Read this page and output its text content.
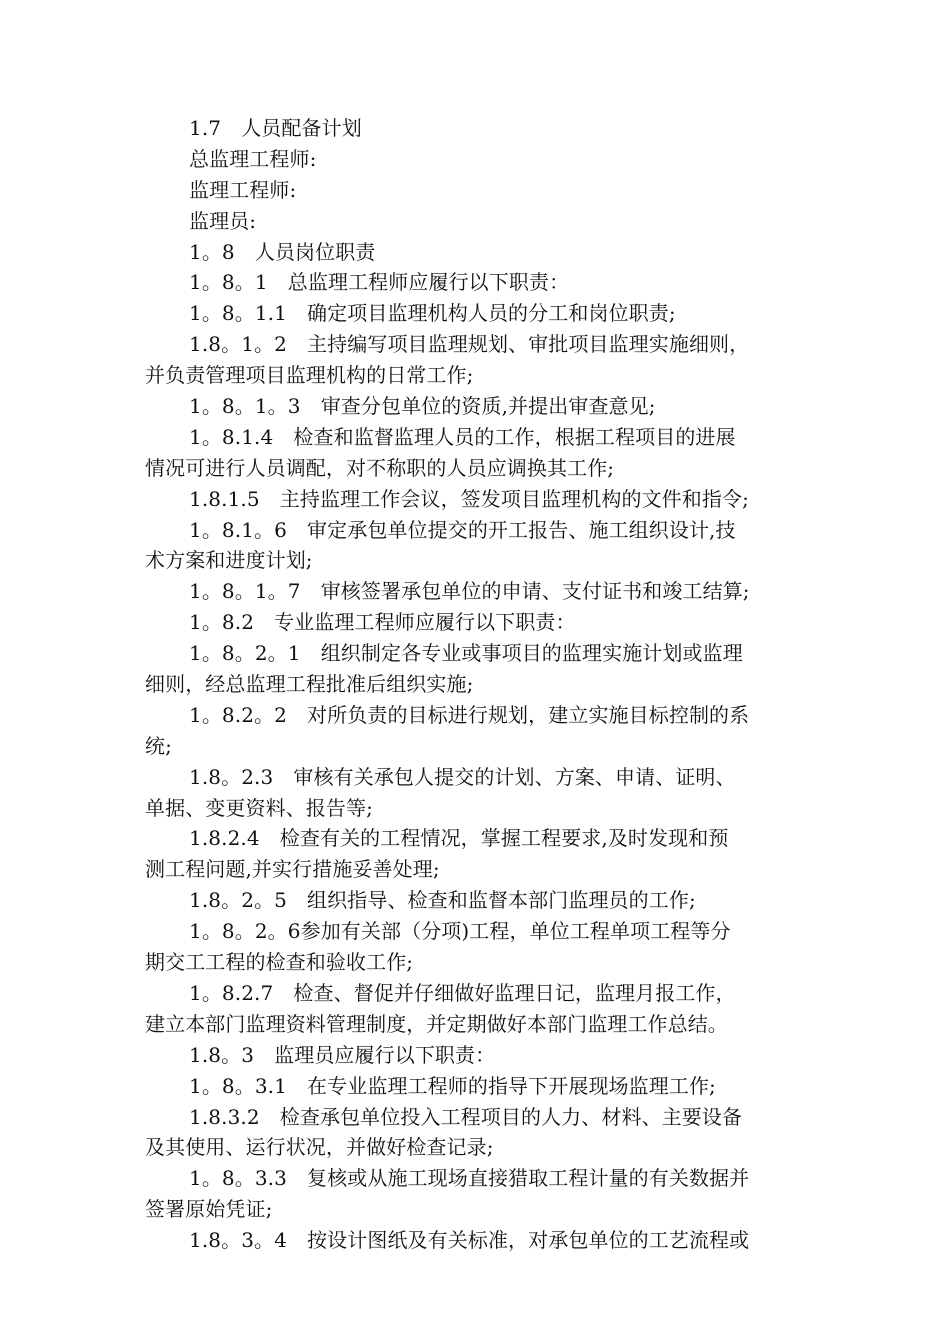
1.7　人员配备计划
总监理工程师:
监理工程师:
监理员:
1。8　人员岗位职责
1。8。1　总监理工程师应履行以下职责：
1。8。1.1　确定项目监理机构人员的分工和岗位职责;
1.8。1。2　主持编写项目监理规划、审批项目监理实施细则，
并负责管理项目监理机构的日常工作;
1。8。1。3　审查分包单位的资质,并提出审查意见;
1。8.1.4　检查和监督监理人员的工作，根据工程项目的进展
情况可进行人员调配，对不称职的人员应调换其工作;
1.8.1.5　主持监理工作会议，签发项目监理机构的文件和指令;
1。8.1。6　审定承包单位提交的开工报告、施工组织设计,技
术方案和进度计划;
1。8。1。7　审核签署承包单位的申请、支付证书和竣工结算;
1。8.2　专业监理工程师应履行以下职责：
1。8。2。1　组织制定各专业或事项目的监理实施计划或监理
细则，经总监理工程批准后组织实施;
1。8.2。2　对所负责的目标进行规划，建立实施目标控制的系
统;
1.8。2.3　审核有关承包人提交的计划、方案、申请、证明、
单据、变更资料、报告等;
1.8.2.4　检查有关的工程情况，掌握工程要求,及时发现和预
测工程问题,并实行措施妥善处理;
1.8。2。5　组织指导、检查和监督本部门监理员的工作;
1。8。2。6参加有关部（分项)工程，单位工程单项工程等分
期交工工程的检查和验收工作;
1。8.2.7　检查、督促并仔细做好监理日记，监理月报工作，
建立本部门监理资料管理制度，并定期做好本部门监理工作总结。
1.8。3　监理员应履行以下职责：
1。8。3.1　在专业监理工程师的指导下开展现场监理工作;
1.8.3.2　检查承包单位投入工程项目的人力、材料、主要设备
及其使用、运行状况，并做好检查记录;
1。8。3.3　复核或从施工现场直接猎取工程计量的有关数据并
签署原始凭证;
1.8。3。4　按设计图纸及有关标准，对承包单位的工艺流程或
